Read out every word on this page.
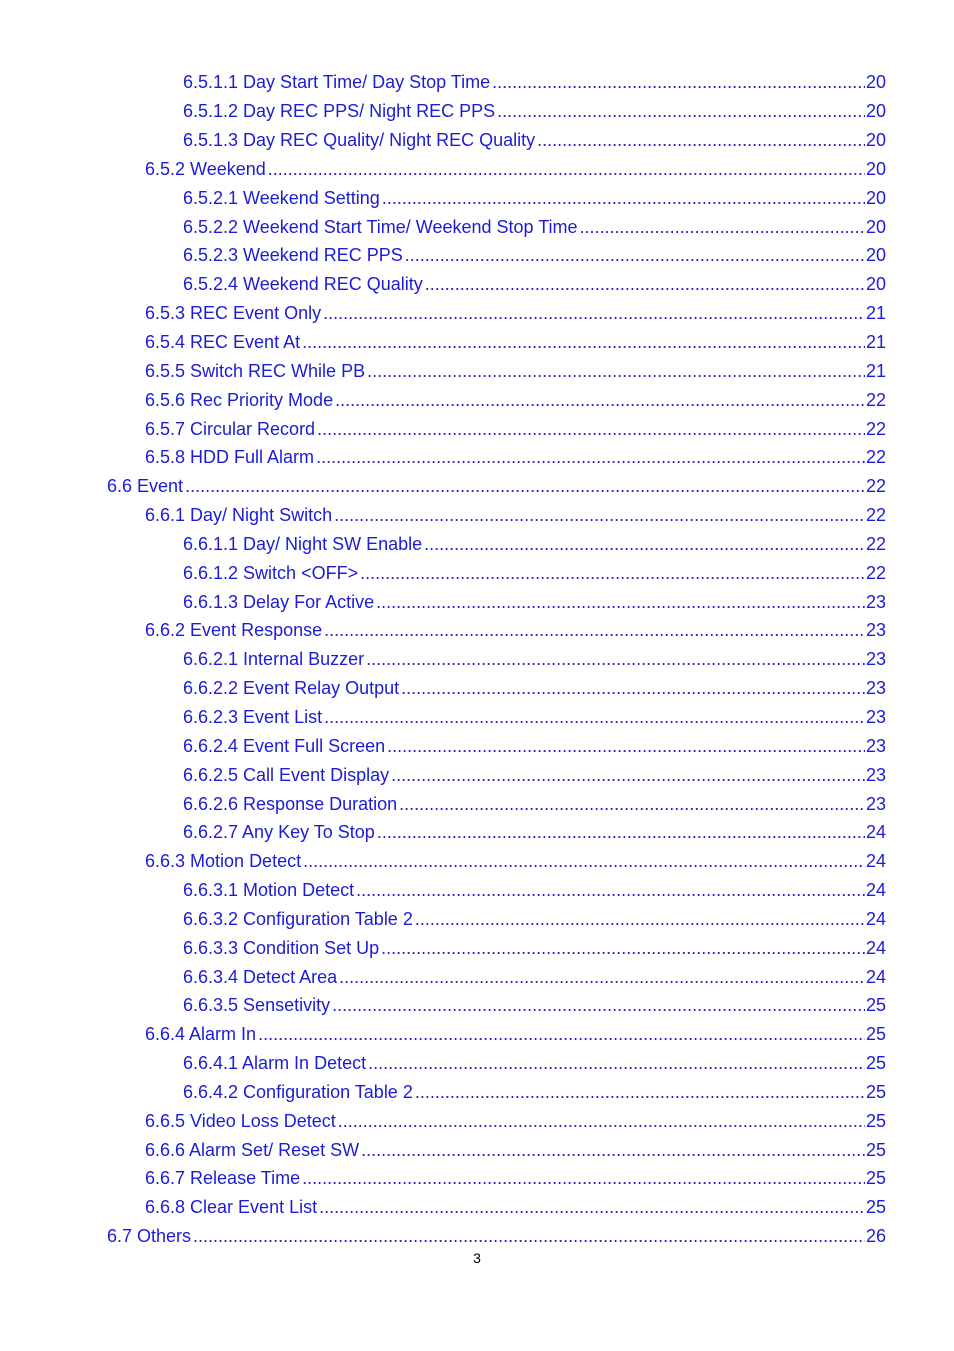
6.5.1.1 Day Start Time/ Day Stop Time .....	20
6.5.1.2 Day REC PPS/ Night REC PPS .....	20
6.5.1.3 Day REC Quality/ Night REC Quality .....	20
6.5.2 Weekend .....	20
6.5.2.1 Weekend Setting .....	20
6.5.2.2 Weekend Start Time/ Weekend Stop Time .....	20
6.5.2.3 Weekend REC PPS .....	20
6.5.2.4 Weekend REC Quality .....	20
6.5.3 REC Event Only .....	21
6.5.4 REC Event At .....	21
6.5.5 Switch REC While PB .....	21
6.5.6 Rec Priority Mode .....	22
6.5.7 Circular Record .....	22
6.5.8 HDD Full Alarm .....	22
6.6 Event .....	22
6.6.1 Day/ Night Switch .....	22
6.6.1.1 Day/ Night SW Enable .....	22
6.6.1.2 Switch <OFF> .....	22
6.6.1.3 Delay For Active .....	23
6.6.2 Event Response .....	23
6.6.2.1 Internal Buzzer .....	23
6.6.2.2 Event Relay Output .....	23
6.6.2.3 Event List .....	23
6.6.2.4 Event Full Screen .....	23
6.6.2.5 Call Event Display .....	23
6.6.2.6 Response Duration .....	23
6.6.2.7 Any Key To Stop .....	24
6.6.3 Motion Detect .....	24
6.6.3.1 Motion Detect .....	24
6.6.3.2 Configuration Table 2 .....	24
6.6.3.3 Condition Set Up .....	24
6.6.3.4 Detect Area .....	24
6.6.3.5 Sensetivity .....	25
6.6.4 Alarm In .....	25
6.6.4.1 Alarm In Detect .....	25
6.6.4.2 Configuration Table 2 .....	25
6.6.5 Video Loss Detect .....	25
6.6.6 Alarm Set/ Reset SW .....	25
6.6.7 Release Time .....	25
6.6.8 Clear Event List .....	25
6.7 Others .....	26
3
